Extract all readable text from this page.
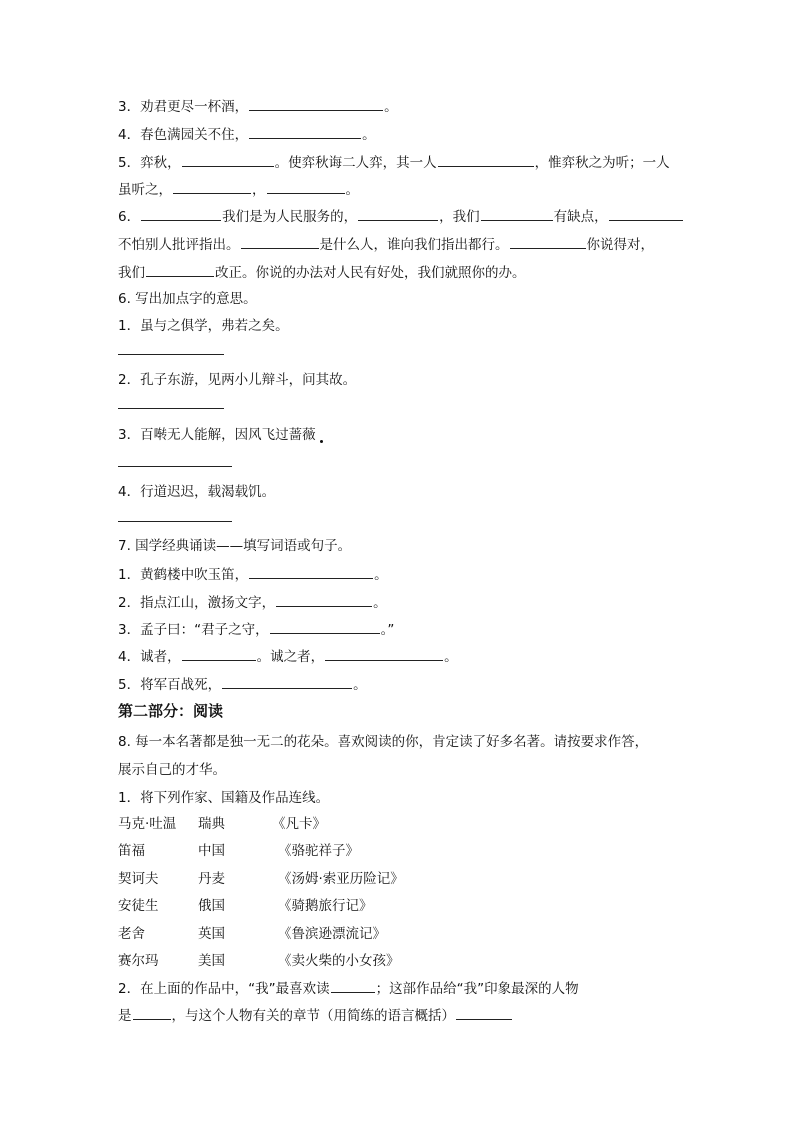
3．劝君更尽一杯酒，	。
4．春色满园关不住，	。
5．弈秋，	。使弈秋诲二人弈，其一人	，惟弈秋之为听；一人
虽听之，	，	。
6．	我们是为人民服务的，	，我们	有缺点，
不怕别人批评指出。	是什么人，谁向我们指出都行。	你说得对，
我们	改正。你说的办法对人民有好处，我们就照你的办。
6. 写出加点字的意思。
1．虽与之俱学，弗若之矣。
2．孔子东游，见两小儿辩斗，问其故。
3．百啭无人能解，因风飞过蔷薇
4．行道迟迟，载渴载饥。
7. 国学经典诵读——填写词语或句子。
1．黄鹤楼中吹玉笛，	。
2．指点江山，激扬文字，	。
3．孟子曰：“君子之守，	。”
4．诚者，	。诚之者，	。
5．将军百战死，	。
第二部分：阅读
8. 每一本名著都是独一无二的花朵。喜欢阅读的你，肯定读了好多名著。请按要求作答，
展示自己的才华。
1．将下列作家、国籍及作品连线。
马克·吐温 瑞典	《凡卡》
笛福	中国	《骆驼祥子》
契诃夫	丹麦	《汤姆·索亚历险记》
安徒生	俄国	《骑鹅旅行记》
老舍	英国	《鲁滨逊漂流记》
赛尔玛	美国	《卖火柴的小女孩》
2．在上面的作品中，“我”最喜欢读	；这部作品给“我”印象最深的人物
是	，与这个人物有关的章节（用简练的语言概括）
